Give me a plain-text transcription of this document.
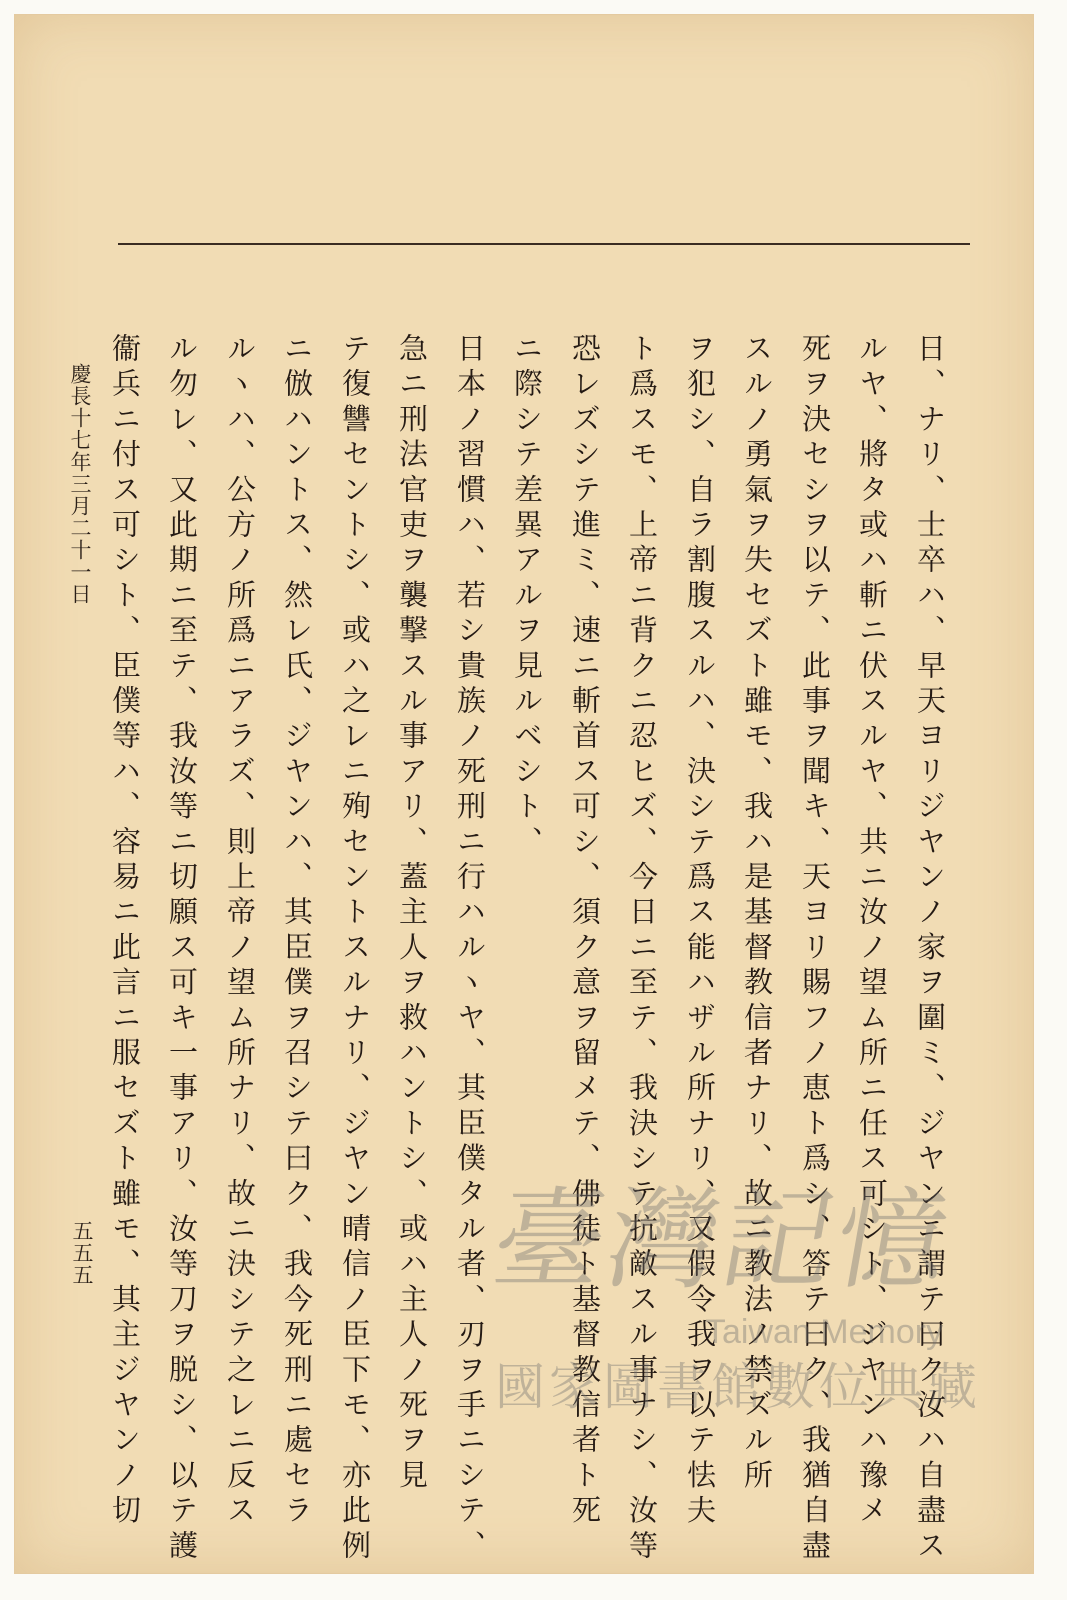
日、ナリ、士卒ハ、早天ヨリジヤンノ家ヲ圍ミ、ジヤンニ謂テ曰ク汝ハ自盡ス
ルヤ、將タ或ハ斬ニ伏スルヤ、共ニ汝ノ望ム所ニ任ス可シト、ジヤンハ豫メ
死ヲ決セシヲ以テ、此事ヲ聞キ、天ヨリ賜フノ恵ト爲シ、答テ曰ク、我猶自盡
スルノ勇氣ヲ失セズト雖モ、我ハ是基督教信者ナリ、故ニ教法ノ禁ズル所
ヲ犯シ、自ラ割腹スルハ、決シテ爲ス能ハザル所ナリ、又假令我ヲ以テ怯夫
ト爲スモ、上帝ニ背クニ忍ヒズ、今日ニ至テ、我決シテ抗敵スル事ナシ、汝等
恐レズシテ進ミ、速ニ斬首ス可シ、須ク意ヲ留メテ、佛徒ト基督教信者ト死
ニ際シテ差異アルヲ見ルベシト、
日本ノ習慣ハ、若シ貴族ノ死刑ニ行ハルヽヤ、其臣僕タル者、刃ヲ手ニシテ、
急ニ刑法官吏ヲ襲撃スル事アリ、蓋主人ヲ救ハントシ、或ハ主人ノ死ヲ見
テ復讐セントシ、或ハ之レニ殉セントスルナリ、ジヤン晴信ノ臣下モ、亦此例
ニ倣ハントス、然レ氏、ジヤンハ、其臣僕ヲ召シテ曰ク、我今死刑ニ處セラ
ルヽハ、公方ノ所爲ニアラズ、則上帝ノ望ム所ナリ、故ニ決シテ之レニ反ス
ル勿レ、又此期ニ至テ、我汝等ニ切願ス可キ一事アリ、汝等刀ヲ脱シ、以テ護
衞兵ニ付ス可シト、臣僕等ハ、容易ニ此言ニ服セズト雖モ、其主ジヤンノ切
慶長十七年三月二十一日
五五五	臺灣記憶
Taiwan Memory
國家圖書館數位典藏
